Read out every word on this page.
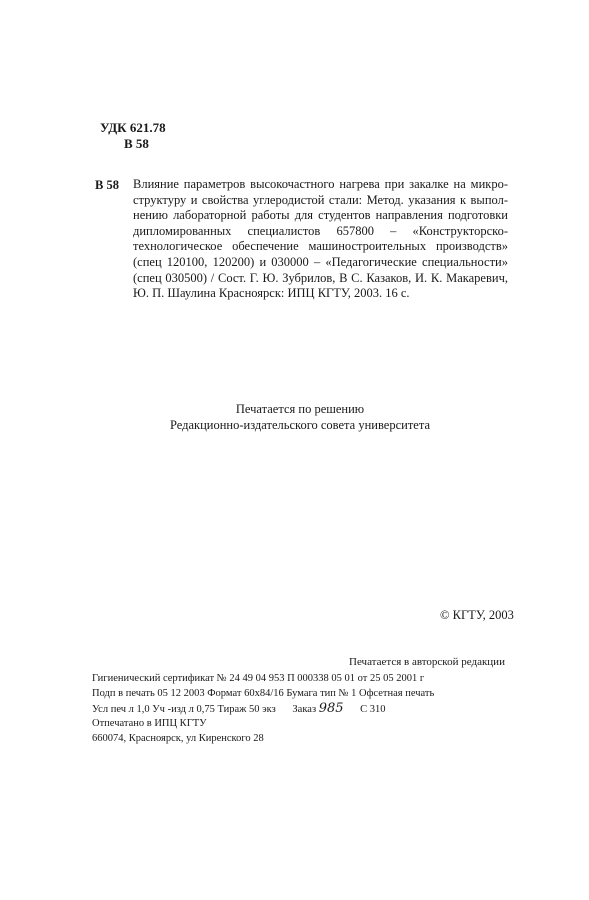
УДК 621.78
В 58
В 58 Влияние параметров высокочастного нагрева при закалке на микро-
структуру и свойства углеродистой стали: Метод. указания к выпол-
нению лабораторной работы для студентов направления подготовки
дипломированных специалистов 657800 – «Конструкторско-
технологическое обеспечение машиностроительных производств»
(спец 120100, 120200) и 030000 – «Педагогические специальности»
(спец 030500) / Сост. Г. Ю. Зубрилов, В С. Казаков, И. К. Макаревич,
Ю. П. Шаулина Красноярск: ИПЦ КГТУ, 2003. 16 с.
Печатается по решению
Редакционно-издательского совета университета
© КГТУ, 2003
Печатается в авторской редакции
Гигиенический сертификат № 24 49 04 953 П 000338 05 01 от 25 05 2001 г
Подп в печать 05 12 2003 Формат 60х84/16 Бумага тип № 1 Офсетная печать
Усл печ л 1,0 Уч -изд л 0,75 Тираж 50 экз Заказ 985 С 310
Отпечатано в ИПЦ КГТУ
660074, Красноярск, ул Киренского 28
